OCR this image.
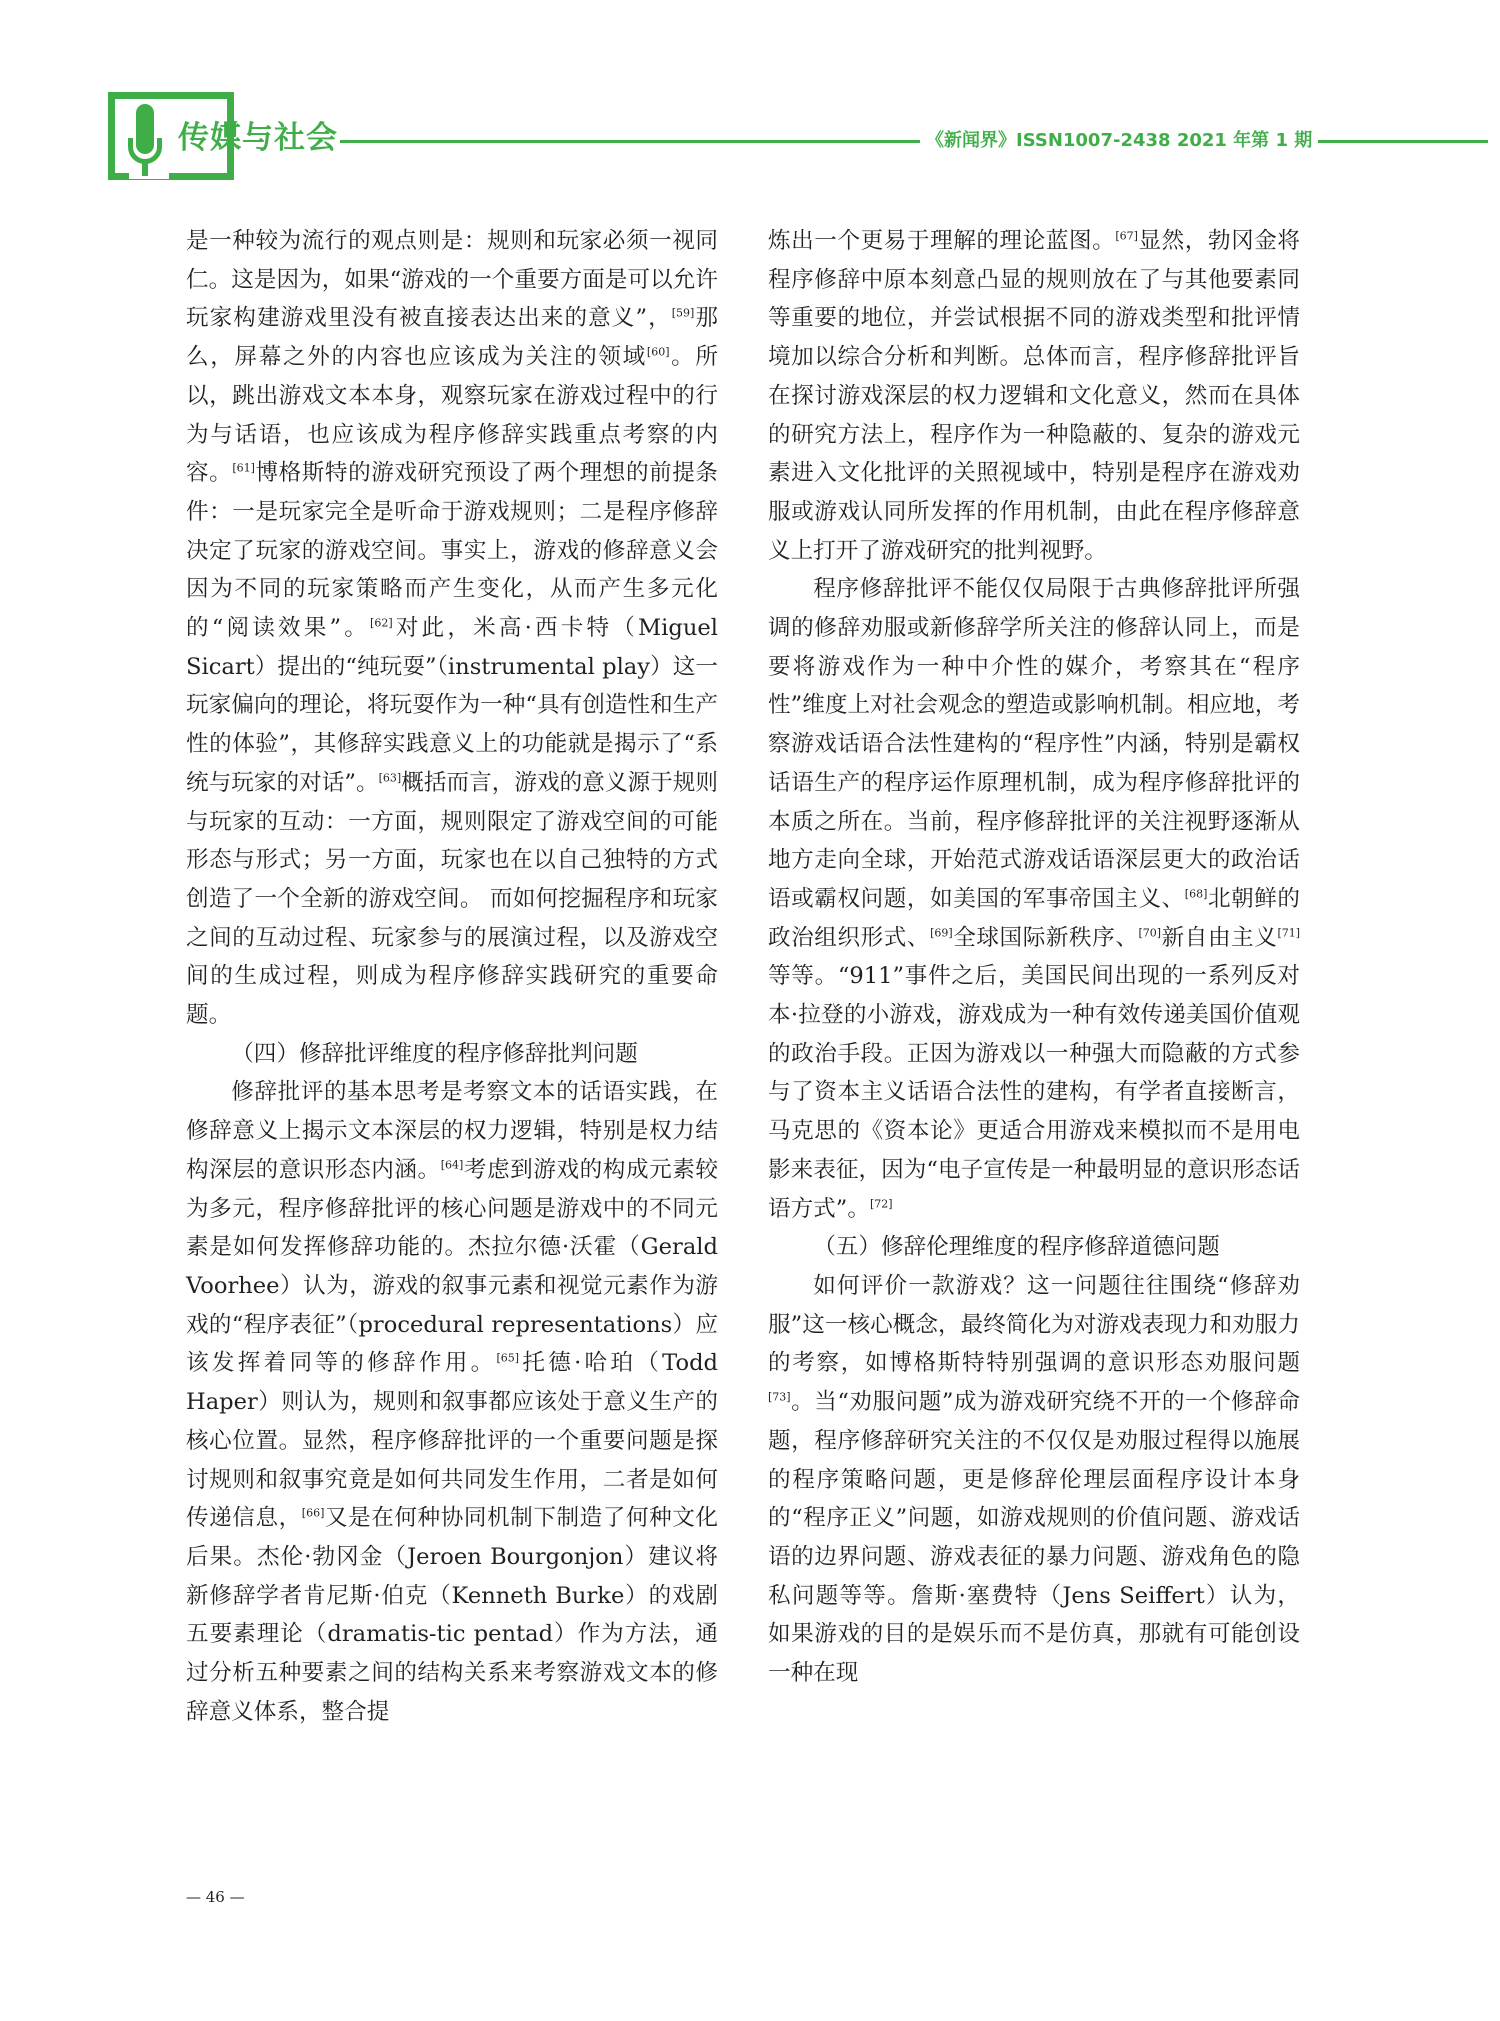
传媒与社会	《新闻界》ISSN1007-2438 2021 年第 1 期

是一种较为流行的观点则是：规则和玩家必须一视同仁。这是因为，如果“游戏的一个重要方面是可以允许玩家构建游戏里没有被直接表达出来的意义”，[59]那么，屏幕之外的内容也应该成为关注的领域[60]。所以，跳出游戏文本本身，观察玩家在游戏过程中的行为与话语，也应该成为程序修辞实践重点考察的内容。[61]博格斯特的游戏研究预设了两个理想的前提条件：一是玩家完全是听命于游戏规则；二是程序修辞决定了玩家的游戏空间。事实上，游戏的修辞意义会因为不同的玩家策略而产生变化，从而产生多元化的“阅读效果”。[62]对此，米高·西卡特（Miguel Sicart）提出的“纯玩耍”（instrumental play）这一玩家偏向的理论，将玩耍作为一种“具有创造性和生产性的体验”，其修辞实践意义上的功能就是揭示了“系统与玩家的对话”。[63]概括而言，游戏的意义源于规则与玩家的互动：一方面，规则限定了游戏空间的可能形态与形式；另一方面，玩家也在以自己独特的方式创造了一个全新的游戏空间。 而如何挖掘程序和玩家之间的互动过程、玩家参与的展演过程，以及游戏空间的生成过程，则成为程序修辞实践研究的重要命题。

（四）修辞批评维度的程序修辞批判问题

修辞批评的基本思考是考察文本的话语实践，在修辞意义上揭示文本深层的权力逻辑，特别是权力结构深层的意识形态内涵。[64]考虑到游戏的构成元素较为多元，程序修辞批评的核心问题是游戏中的不同元素是如何发挥修辞功能的。杰拉尔德·沃霍（Gerald Voorhee）认为，游戏的叙事元素和视觉元素作为游戏的“程序表征”（procedural representations）应该发挥着同等的修辞作用。[65]托德·哈珀（Todd Haper）则认为，规则和叙事都应该处于意义生产的核心位置。显然，程序修辞批评的一个重要问题是探讨规则和叙事究竟是如何共同发生作用，二者是如何传递信息，[66]又是在何种协同机制下制造了何种文化后果。杰伦·勃冈金（Jeroen Bourgonjon）建议将新修辞学者肯尼斯·伯克（Kenneth Burke）的戏剧五要素理论（dramatis-tic pentad）作为方法，通过分析五种要素之间的结构关系来考察游戏文本的修辞意义体系，整合提

炼出一个更易于理解的理论蓝图。[67]显然，勃冈金将程序修辞中原本刻意凸显的规则放在了与其他要素同等重要的地位，并尝试根据不同的游戏类型和批评情境加以综合分析和判断。总体而言，程序修辞批评旨在探讨游戏深层的权力逻辑和文化意义，然而在具体的研究方法上，程序作为一种隐蔽的、复杂的游戏元素进入文化批评的关照视域中，特别是程序在游戏劝服或游戏认同所发挥的作用机制，由此在程序修辞意义上打开了游戏研究的批判视野。

程序修辞批评不能仅仅局限于古典修辞批评所强调的修辞劝服或新修辞学所关注的修辞认同上，而是要将游戏作为一种中介性的媒介，考察其在“程序性”维度上对社会观念的塑造或影响机制。相应地，考察游戏话语合法性建构的“程序性”内涵，特别是霸权话语生产的程序运作原理机制，成为程序修辞批评的本质之所在。当前，程序修辞批评的关注视野逐渐从地方走向全球，开始范式游戏话语深层更大的政治话语或霸权问题，如美国的军事帝国主义、[68]北朝鲜的政治组织形式、[69]全球国际新秩序、[70]新自由主义[71]等等。“911”事件之后，美国民间出现的一系列反对本·拉登的小游戏，游戏成为一种有效传递美国价值观的政治手段。正因为游戏以一种强大而隐蔽的方式参与了资本主义话语合法性的建构，有学者直接断言，马克思的《资本论》更适合用游戏来模拟而不是用电影来表征，因为“电子宣传是一种最明显的意识形态话语方式”。[72]

（五）修辞伦理维度的程序修辞道德问题

如何评价一款游戏？这一问题往往围绕“修辞劝服”这一核心概念，最终简化为对游戏表现力和劝服力的考察，如博格斯特特别强调的意识形态劝服问题[73]。当“劝服问题”成为游戏研究绕不开的一个修辞命题，程序修辞研究关注的不仅仅是劝服过程得以施展的程序策略问题，更是修辞伦理层面程序设计本身的“程序正义”问题，如游戏规则的价值问题、游戏话语的边界问题、游戏表征的暴力问题、游戏角色的隐私问题等等。詹斯·塞费特（Jens Seiffert）认为，如果游戏的目的是娱乐而不是仿真，那就有可能创设一种在现

— 46 —
